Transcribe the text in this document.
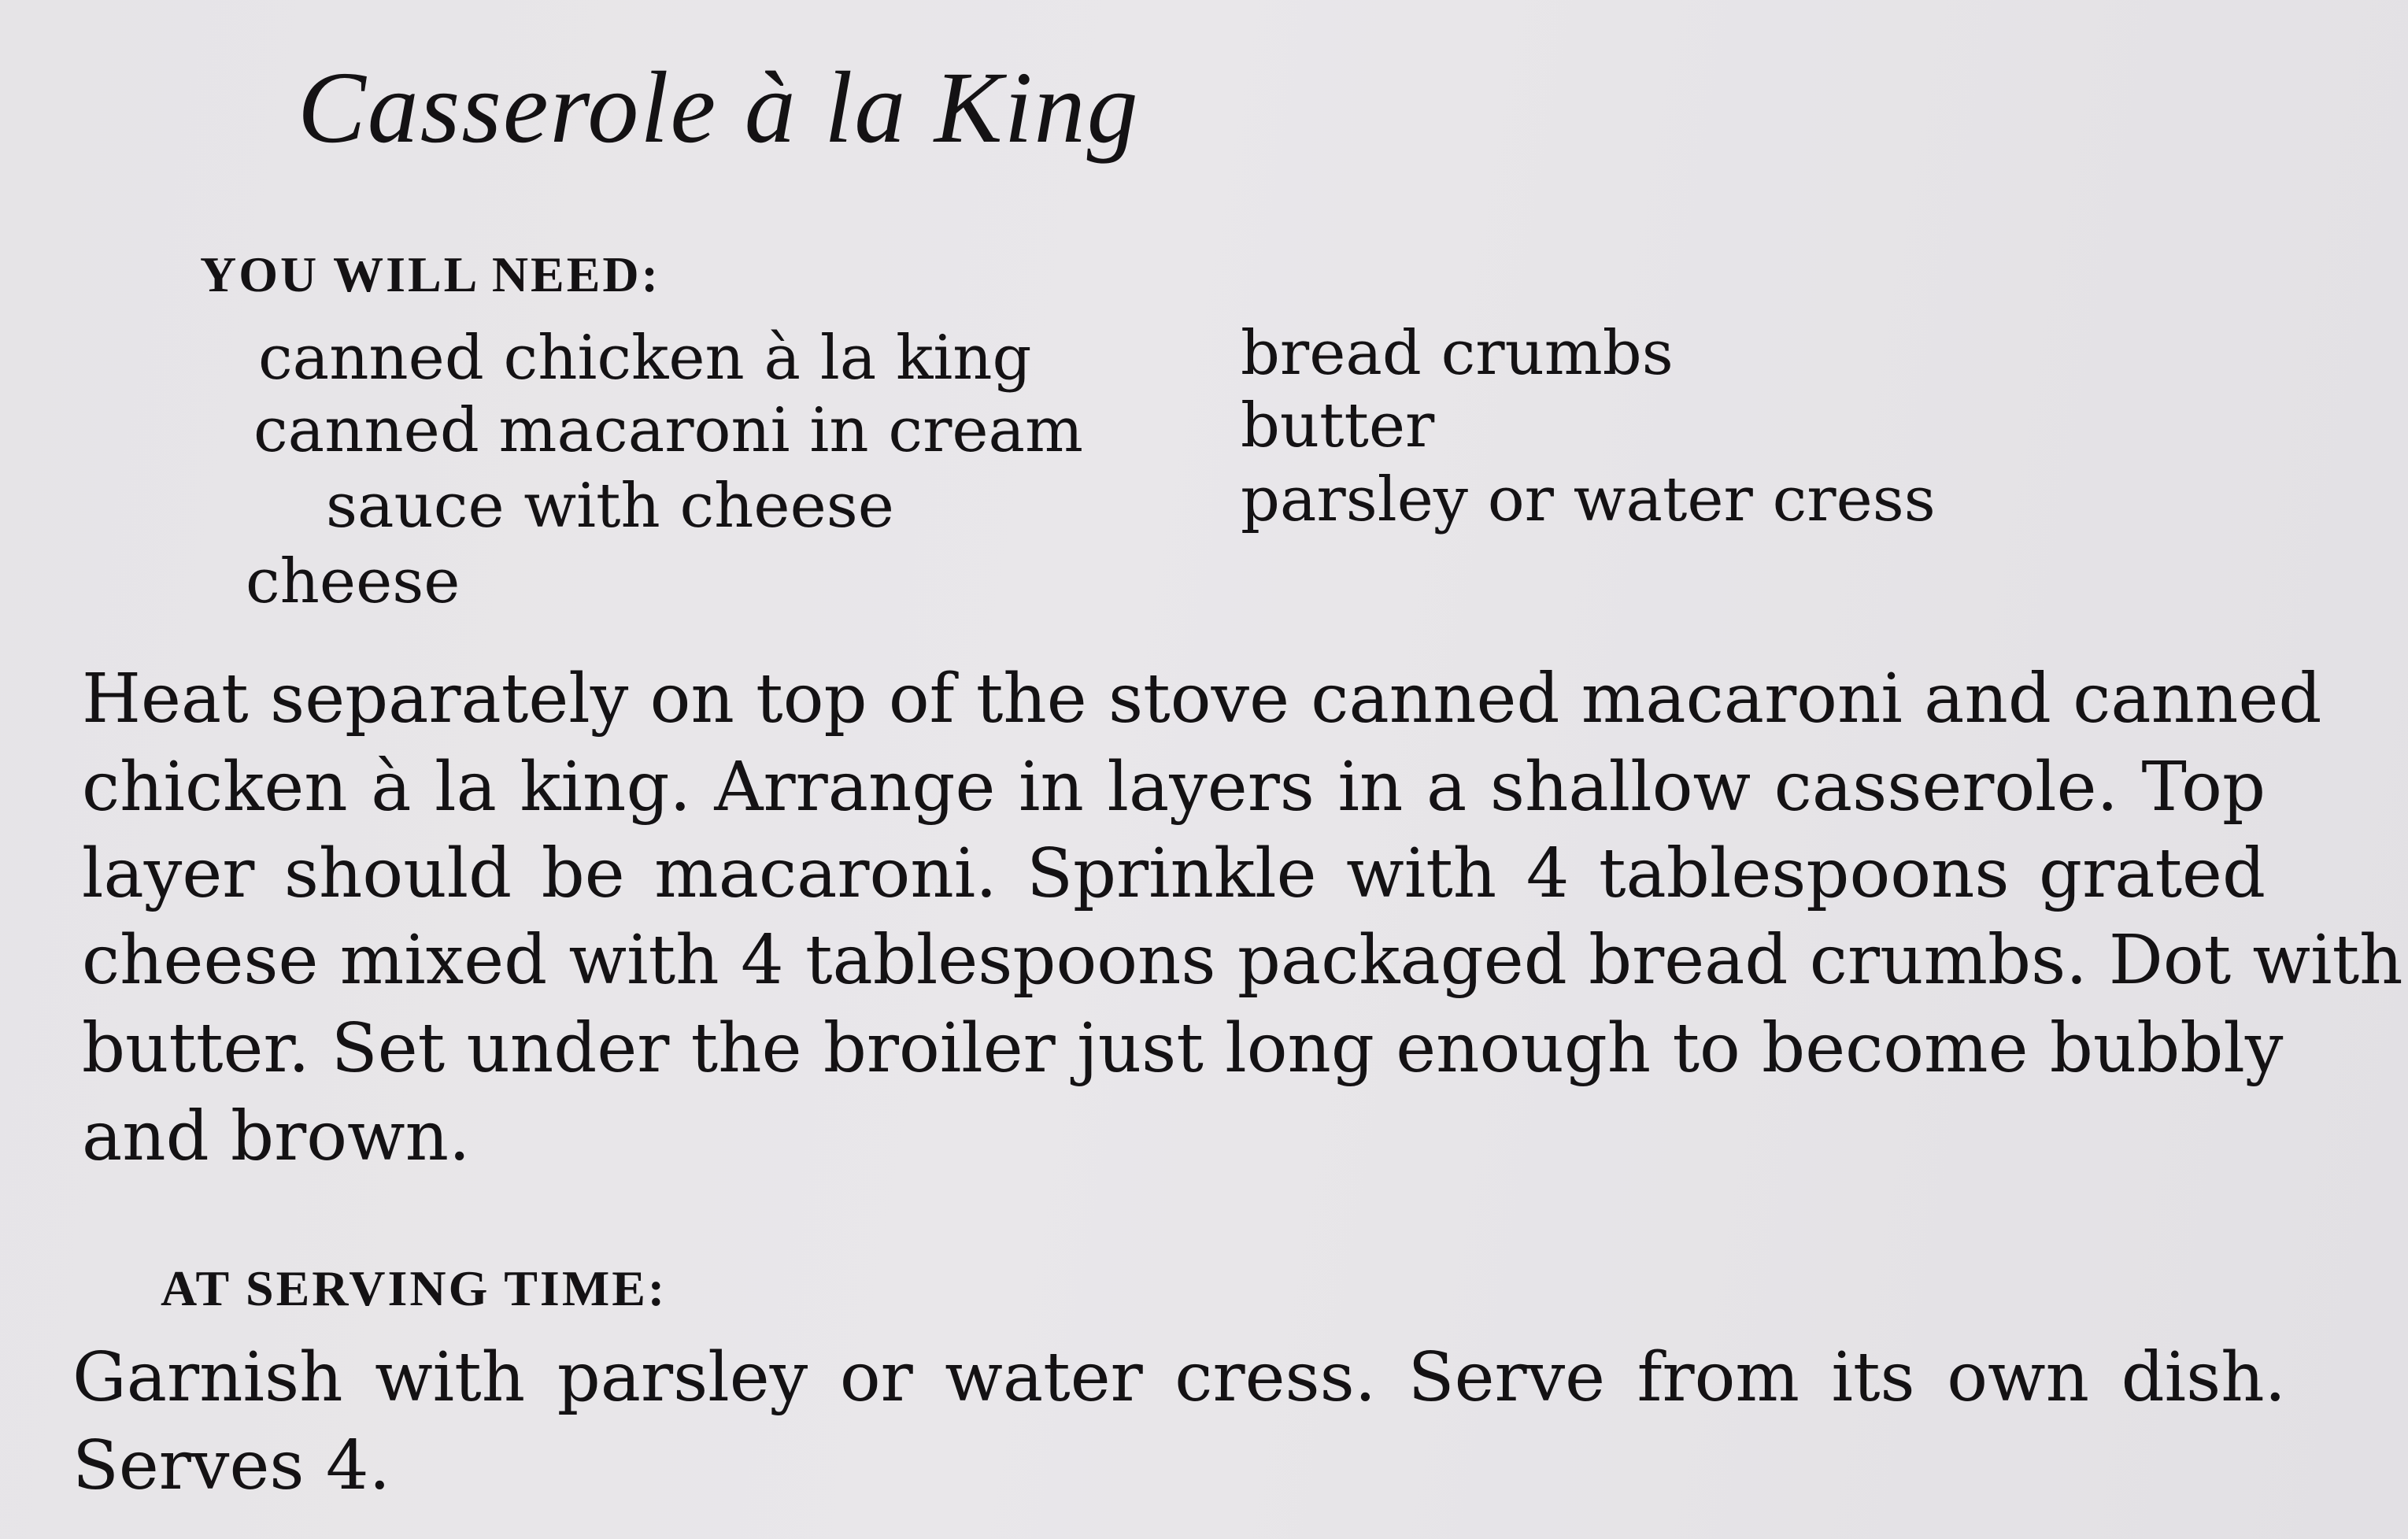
Casserole à la King
YOU WILL NEED:
canned chicken à la king
canned macaroni in cream
sauce with cheese
cheese
bread crumbs
butter
parsley or water cress
Heat separately on top of the stove canned macaroni and canned
chicken à la king. Arrange in layers in a shallow casserole. Top
layer should be macaroni. Sprinkle with 4 tablespoons grated
cheese mixed with 4 tablespoons packaged bread crumbs. Dot with
butter. Set under the broiler just long enough to become bubbly
and brown.
AT SERVING TIME:
Garnish with parsley or water cress. Serve from its own dish.
Serves 4.
